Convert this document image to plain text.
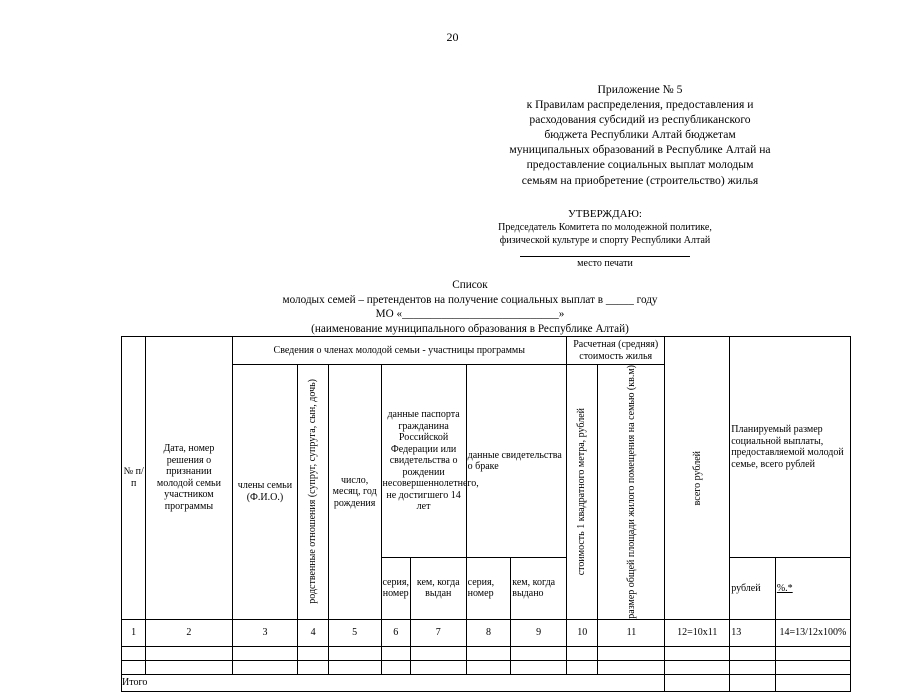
20
Приложение № 5
к Правилам распределения, предоставления и
расходования субсидий из республиканского
бюджета Республики Алтай бюджетам
муниципальных образований в Республике Алтай на
предоставление социальных выплат молодым
семьям на приобретение (строительство) жилья
УТВЕРЖДАЮ:
Председатель Комитета по молодежной политике,
физической культуре и спорту Республики Алтай
место печати
Список
молодых семей – претендентов на получение социальных выплат в _____ году
МО «____________________________»
(наименование муниципального образования в Республике Алтай)
№ п/п	Дата, номер решения о признании молодой семьи участником программы	Сведения о членах молодой семьи - участницы программы							Расчетная (средняя) стоимость жилья		всего рублей	Планируемый размер социальной выплаты, предоставляемой молодой семье, всего рублей	
		члены семьи (Ф.И.О.)	родственные отношения (супруг, супруга, сын, дочь)	число, месяц, год рождения	данные паспорта гражданина Российской Федерации или свидетельства о рождении несовершеннолетнего, не достигшего 14 лет		данные свидетельства о браке		стоимость 1 квадратного метра, рублей	размер общей площади жилого помещения на семью (кв.м)			

					серия, номер	кем, когда выдан	серия, номер	кем, когда выдано				рублей	%.*
1	2	3	4	5	6	7	8	9	10	11	12=10х11	13	14=13/12х100%

Итого													
